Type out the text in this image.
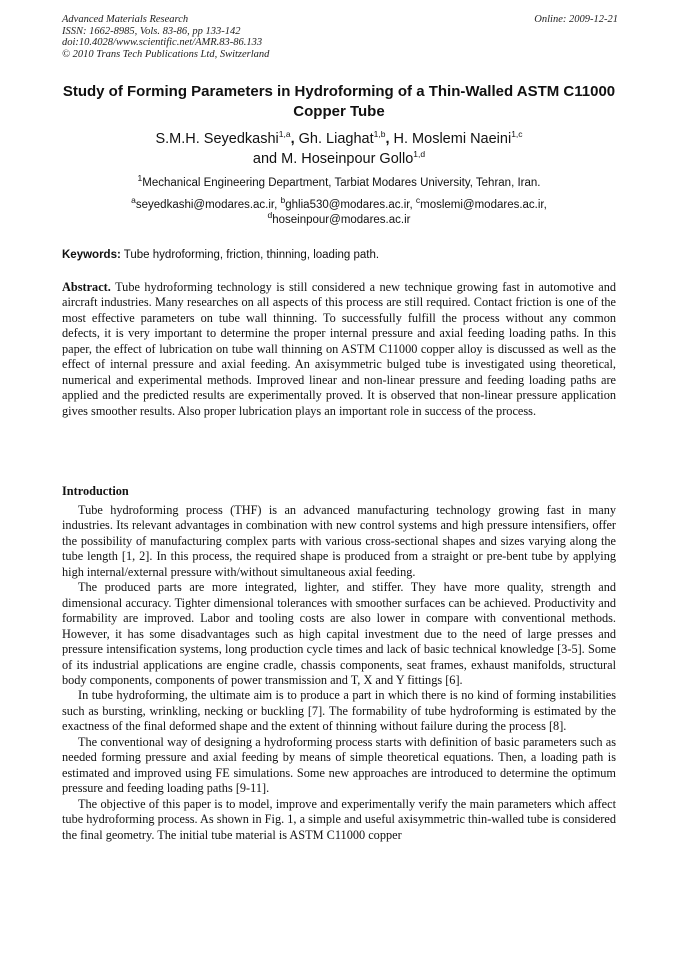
Advanced Materials Research
ISSN: 1662-8985, Vols. 83-86, pp 133-142
doi:10.4028/www.scientific.net/AMR.83-86.133
© 2010 Trans Tech Publications Ltd, Switzerland
Online: 2009-12-21
Study of Forming Parameters in Hydroforming of a Thin-Walled ASTM C11000 Copper Tube
S.M.H. Seyedkashi$^{1,a}$, Gh. Liaghat$^{1,b}$, H. Moslemi Naeini$^{1,c}$
and M. Hoseinpour Gollo$^{1,d}$
$^1$Mechanical Engineering Department, Tarbiat Modares University, Tehran, Iran.
$^a$seyedkashi@modares.ac.ir, $^b$ghlia530@modares.ac.ir, $^c$moslemi@modares.ac.ir,
$^d$hoseinpour@modares.ac.ir
Keywords: Tube hydroforming, friction, thinning, loading path.
Abstract. Tube hydroforming technology is still considered a new technique growing fast in automotive and aircraft industries. Many researches on all aspects of this process are still required. Contact friction is one of the most effective parameters on tube wall thinning. To successfully fulfill the process without any common defects, it is very important to determine the proper internal pressure and axial feeding loading paths. In this paper, the effect of lubrication on tube wall thinning on ASTM C11000 copper alloy is discussed as well as the effect of internal pressure and axial feeding. An axisymmetric bulged tube is investigated using theoretical, numerical and experimental methods. Improved linear and non-linear pressure and feeding loading paths are applied and the predicted results are experimentally proved. It is observed that non-linear pressure application gives smoother results. Also proper lubrication plays an important role in success of the process.
Introduction

Tube hydroforming process (THF) is an advanced manufacturing technology growing fast in many industries. Its relevant advantages in combination with new control systems and high pressure intensifiers, offer the possibility of manufacturing complex parts with various cross-sectional shapes and sizes varying along the tube length [1, 2]. In this process, the required shape is produced from a straight or pre-bent tube by applying high internal/external pressure with/without simultaneous axial feeding.

The produced parts are more integrated, lighter, and stiffer. They have more quality, strength and dimensional accuracy. Tighter dimensional tolerances with smoother surfaces can be achieved. Productivity and formability are improved. Labor and tooling costs are also lower in compare with conventional methods. However, it has some disadvantages such as high capital investment due to the need of large presses and pressure intensification systems, long production cycle times and lack of basic technical knowledge [3-5]. Some of its industrial applications are engine cradle, chassis components, seat frames, exhaust manifolds, structural body components, components of power transmission and T, X and Y fittings [6].

In tube hydroforming, the ultimate aim is to produce a part in which there is no kind of forming instabilities such as bursting, wrinkling, necking or buckling [7]. The formability of tube hydroforming is estimated by the exactness of the final deformed shape and the extent of thinning without failure during the process [8].

The conventional way of designing a hydroforming process starts with definition of basic parameters such as needed forming pressure and axial feeding by means of simple theoretical equations. Then, a loading path is estimated and improved using FE simulations. Some new approaches are introduced to determine the optimum pressure and feeding loading paths [9-11].

The objective of this paper is to model, improve and experimentally verify the main parameters which affect tube hydroforming process. As shown in Fig. 1, a simple and useful axisymmetric thin-walled tube is considered the final geometry. The initial tube material is ASTM C11000 copper
